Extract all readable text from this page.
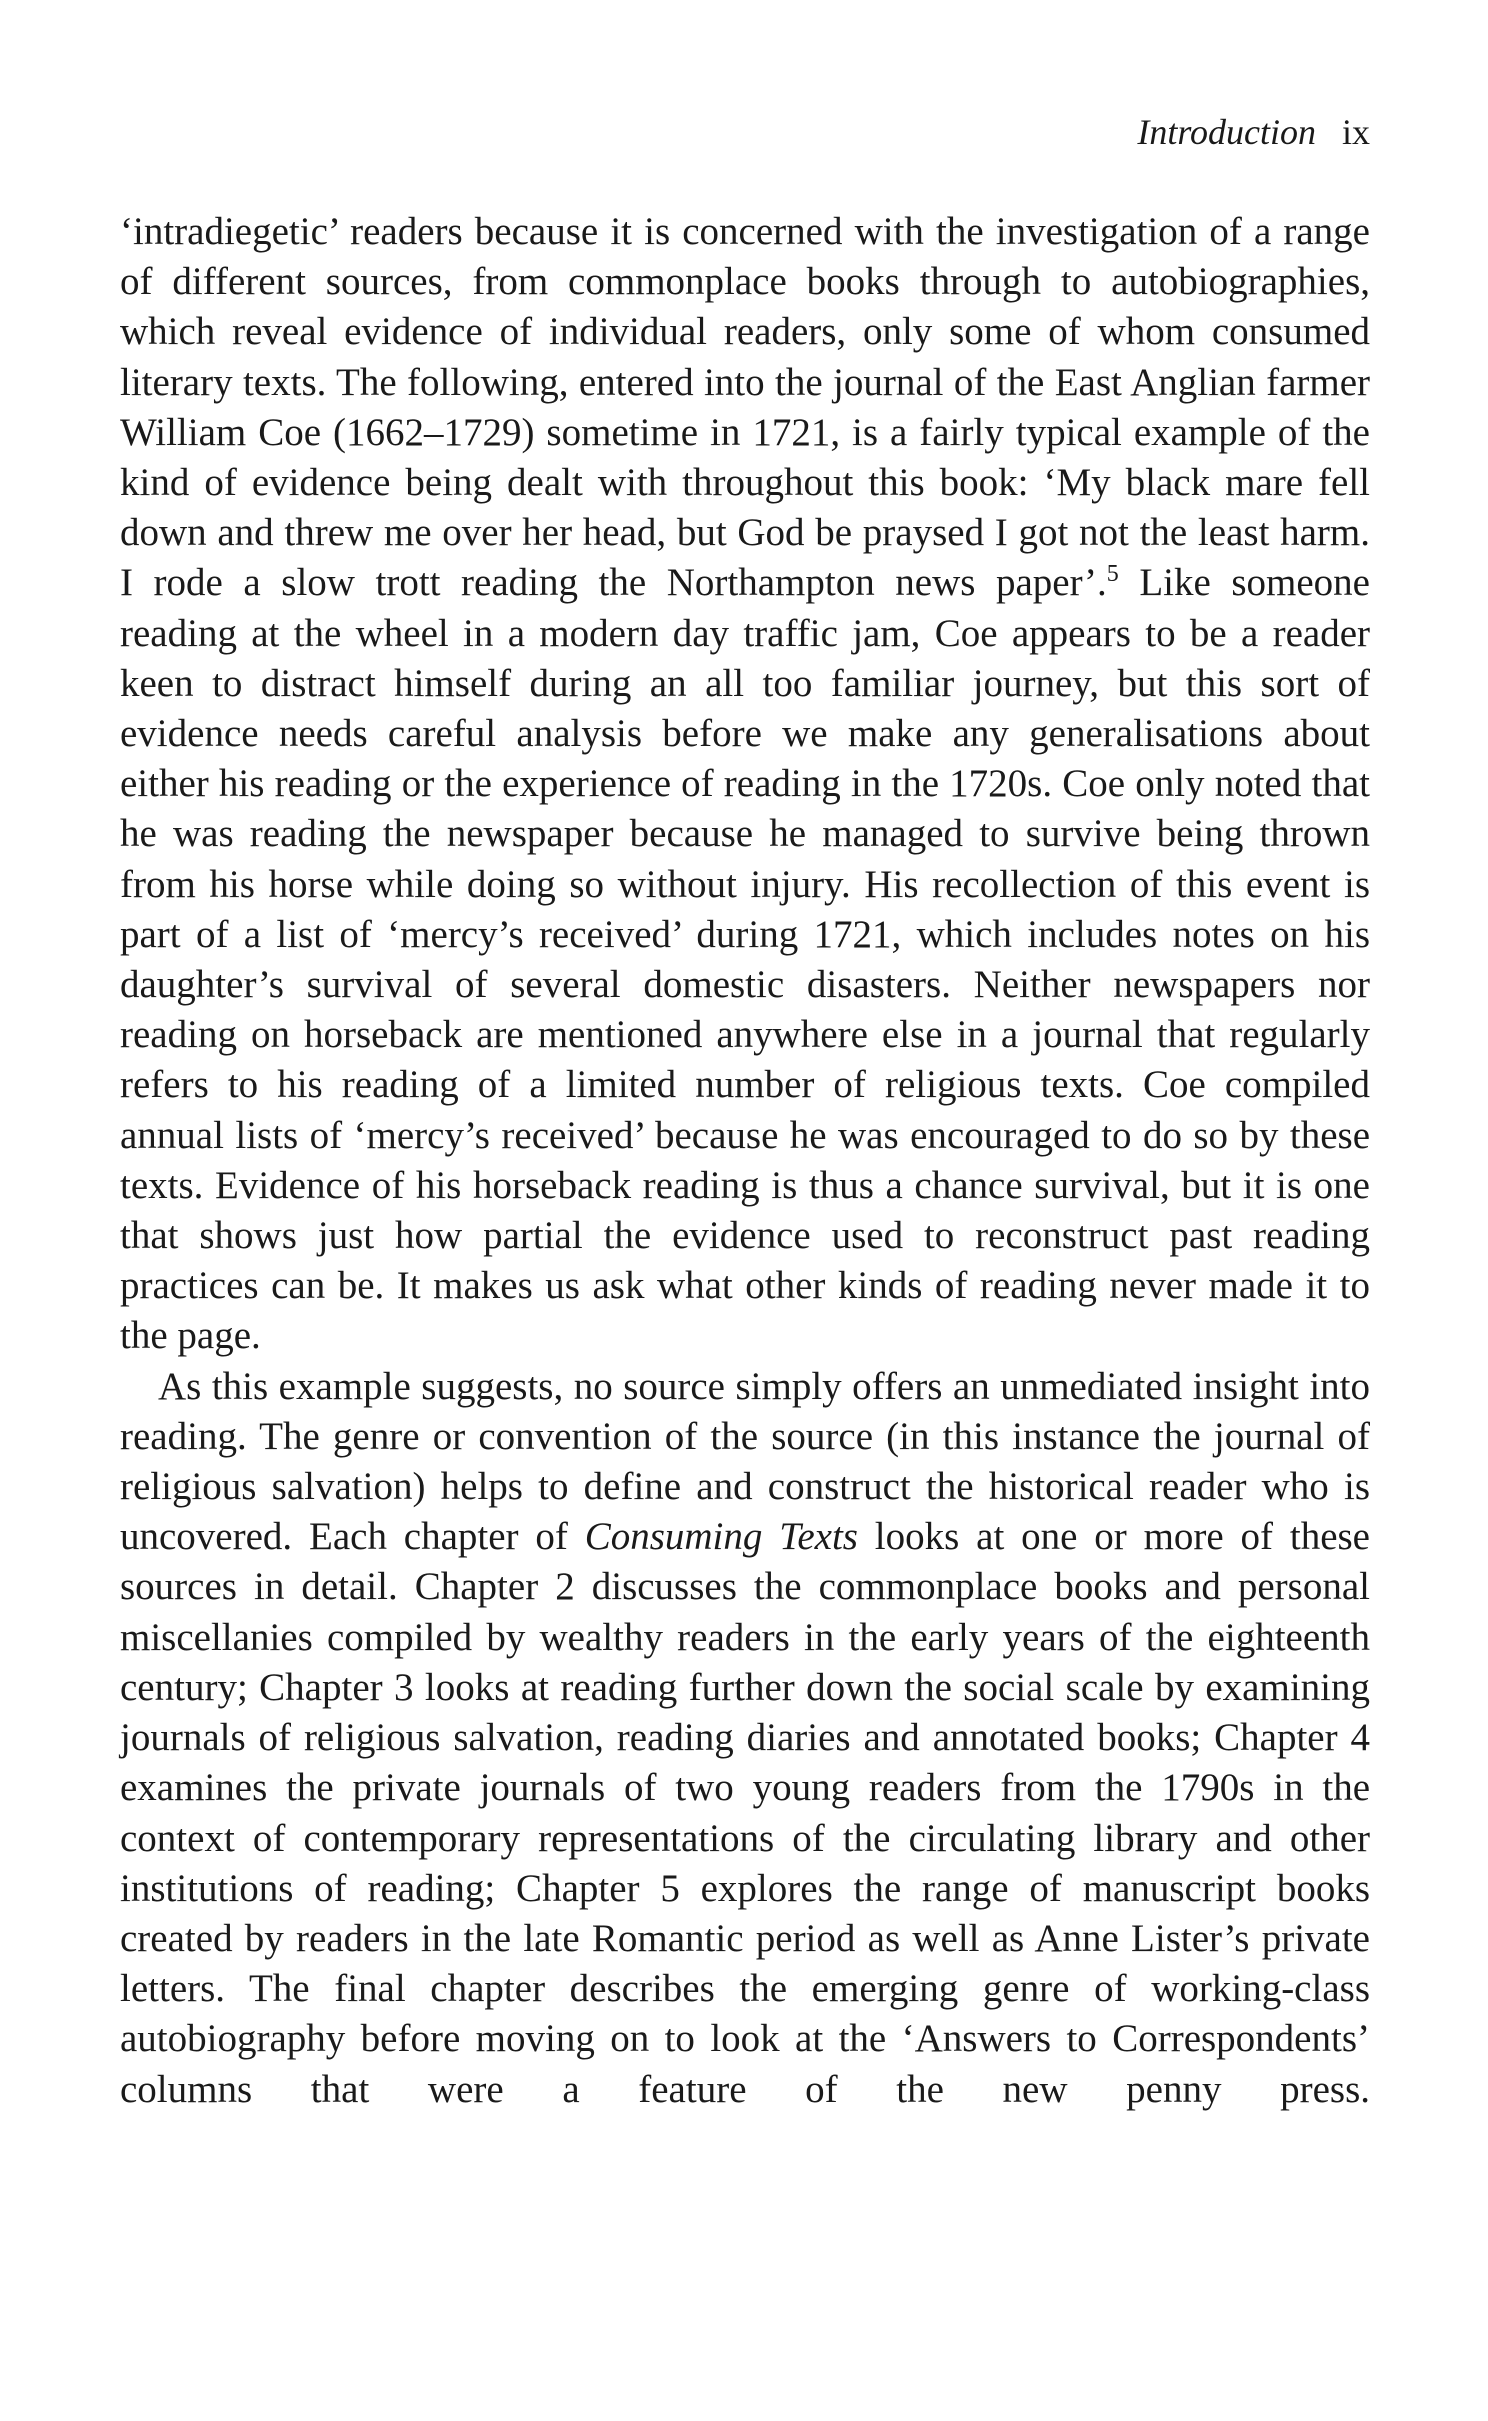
Introduction ix

‘intradiegetic’ readers because it is concerned with the investigation of a range of different sources, from commonplace books through to autobiographies, which reveal evidence of individual readers, only some of whom consumed literary texts. The following, entered into the journal of the East Anglian farmer William Coe (1662–1729) sometime in 1721, is a fairly typical example of the kind of evidence being dealt with throughout this book: ‘My black mare fell down and threw me over her head, but God be praysed I got not the least harm. I rode a slow trott reading the Northampton news paper’.$^5$ Like someone reading at the wheel in a modern day traffic jam, Coe appears to be a reader keen to distract himself during an all too familiar journey, but this sort of evidence needs careful analysis before we make any generalisations about either his reading or the experience of reading in the 1720s. Coe only noted that he was reading the newspaper because he managed to survive being thrown from his horse while doing so without injury. His recollection of this event is part of a list of ‘mercy’s received’ during 1721, which includes notes on his daughter’s survival of several domestic disasters. Neither newspapers nor reading on horseback are mentioned anywhere else in a journal that regularly refers to his reading of a limited number of religious texts. Coe compiled annual lists of ‘mercy’s received’ because he was encouraged to do so by these texts. Evidence of his horseback reading is thus a chance survival, but it is one that shows just how partial the evidence used to reconstruct past reading practices can be. It makes us ask what other kinds of reading never made it to the page.

As this example suggests, no source simply offers an unmediated insight into reading. The genre or convention of the source (in this instance the journal of religious salvation) helps to define and construct the historical reader who is uncovered. Each chapter of Consuming Texts looks at one or more of these sources in detail. Chapter 2 discusses the commonplace books and personal miscellanies compiled by wealthy readers in the early years of the eighteenth century; Chapter 3 looks at reading further down the social scale by examining journals of religious salvation, reading diaries and annotated books; Chapter 4 examines the private journals of two young readers from the 1790s in the context of contemporary representations of the circulating library and other institutions of reading; Chapter 5 explores the range of manuscript books created by readers in the late Romantic period as well as Anne Lister’s private letters. The final chapter describes the emerging genre of working-class autobiography before moving on to look at the ‘Answers to Correspondents’ columns that were a feature of the new penny press.
